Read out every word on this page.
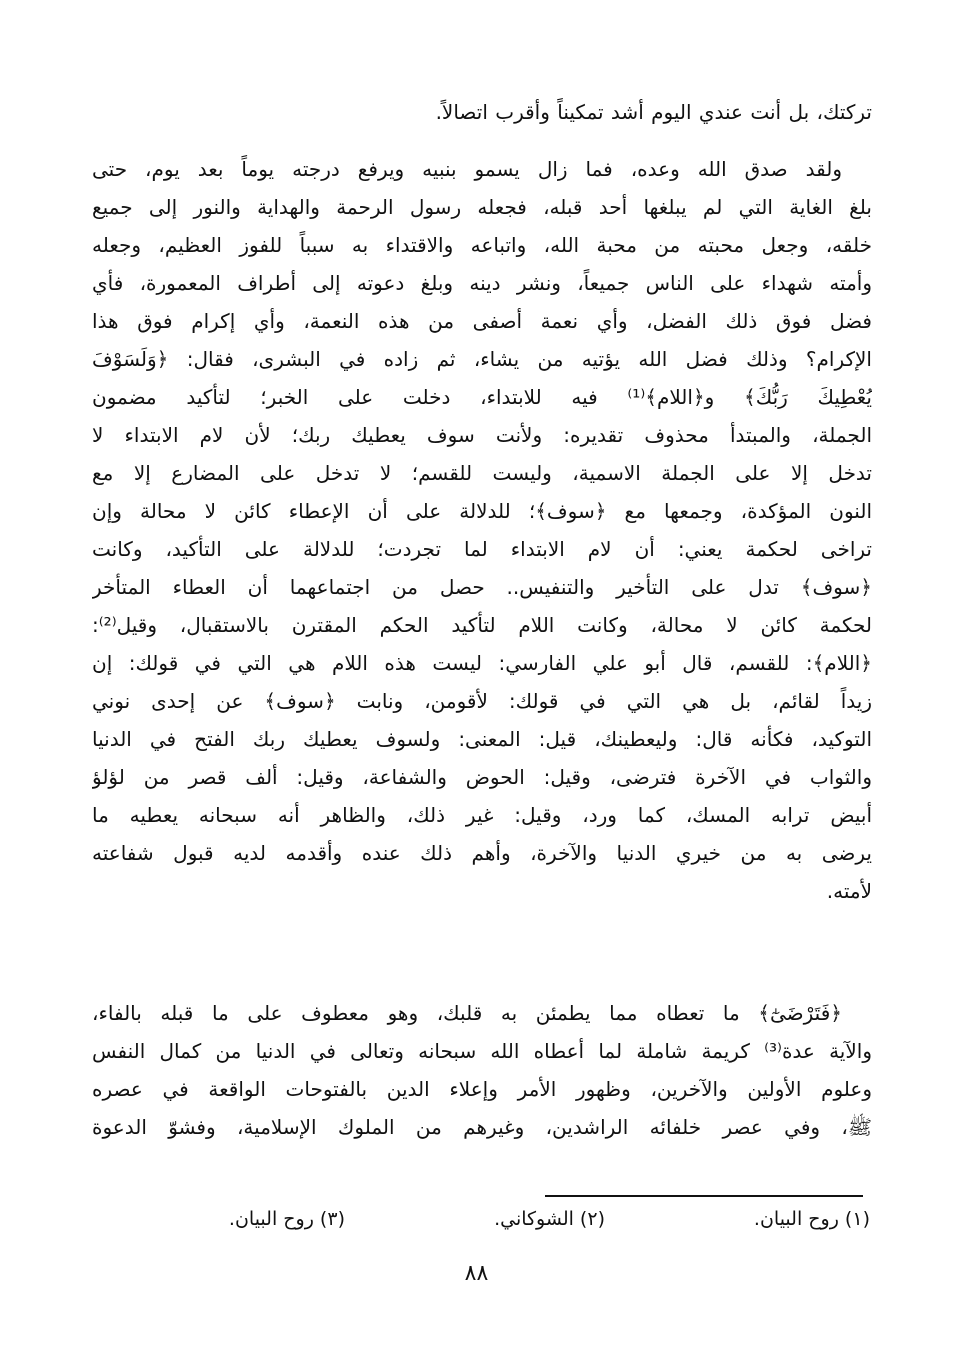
تركتك، بل أنت عندي اليوم أشد تمكيناً وأقرب اتصالاً.
ولقد صدق الله وعده، فما زال يسمو بنبيه ويرفع درجته يوماً بعد يوم، حتى
بلغ الغاية التي لم يبلغها أحد قبله، فجعله رسول الرحمة والهداية والنور إلى جميع
خلقه، وجعل محبته من محبة الله، واتباعه والاقتداء به سبباً للفوز العظيم، وجعله
وأمته شهداء على الناس جميعاً، ونشر دينه وبلغ دعوته إلى أطراف المعمورة، فأي
فضل فوق ذلك الفضل، وأي نعمة أصفى من هذه النعمة، وأي إكرام فوق هذا
الإكرام؟ وذلك فضل الله يؤتيه من يشاء، ثم زاده في البشرى، فقال: ﴿وَلَسَوْفَ
يُعْطِيكَ رَبُّكَ﴾ و﴿اللام﴾⁽¹⁾ فيه للابتداء، دخلت على الخبر؛ لتأكيد مضمون
الجملة، والمبتدأ محذوف تقديره: ولأنت سوف يعطيك ربك؛ لأن لام الابتداء لا
تدخل إلا على الجملة الاسمية، وليست للقسم؛ لا تدخل على المضارع إلا مع
النون المؤكدة، وجمعها مع ﴿سوف﴾؛ للدلالة على أن الإعطاء كائن لا محالة وإن
تراخى لحكمة يعني: أن لام الابتداء لما تجردت؛ للدلالة على التأكيد، وكانت
﴿سوف﴾ تدل على التأخير والتنفيس.. حصل من اجتماعهما أن العطاء المتأخر
لحكمة كائن لا محالة، وكانت اللام لتأكيد الحكم المقترن بالاستقبال، وقيل⁽²⁾:
﴿اللام﴾: للقسم، قال أبو علي الفارسي: ليست هذه اللام هي التي في قولك: إن
زيداً لقائم، بل هي التي في قولك: لأقومن، ونابت ﴿سوف﴾ عن إحدى نوني
التوكيد، فكأنه قال: وليعطينك، قيل: المعنى: ولسوف يعطيك ربك الفتح في الدنيا
والثواب في الآخرة فترضى، وقيل: الحوض والشفاعة، وقيل: ألف قصر من لؤلؤ
أبيض ترابه المسك، كما ورد، وقيل: غير ذلك، والظاهر أنه سبحانه يعطيه ما
يرضى به من خيري الدنيا والآخرة، وأهم ذلك عنده وأقدمه لديه قبول شفاعته
لأمته.
﴿فَتَرْضَىٰٓ﴾ ما تعطاه مما يطمئن به قلبك، وهو معطوف على ما قبله بالفاء،
والآية عدة⁽³⁾ كريمة شاملة لما أعطاه الله سبحانه وتعالى في الدنيا من كمال النفس
وعلوم الأولين والآخرين، وظهور الأمر وإعلاء الدين بالفتوحات الواقعة في عصره
ﷺ، وفي عصر خلفائه الراشدين، وغيرهم من الملوك الإسلامية، وفشوّ الدعوة
(١) روح البيان.
(٢) الشوكاني.
(٣) روح البيان.
٨٨
